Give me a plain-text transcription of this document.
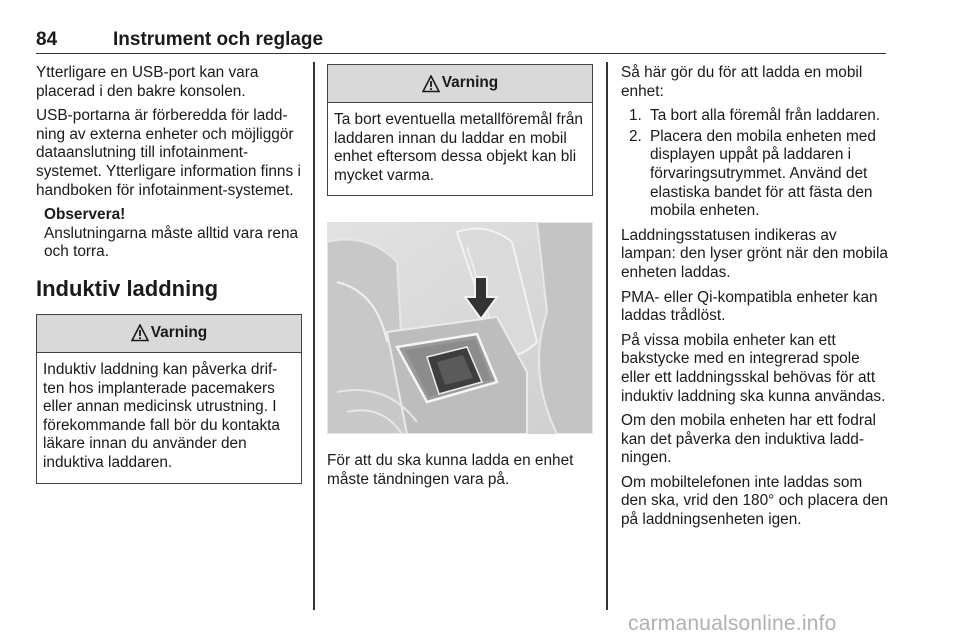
84	Instrument och reglage

Ytterligare en USB-port kan vara placerad i den bakre konsolen.

USB-portarna är förberedda för ladd-ning av externa enheter och möjliggör dataanslutning till infotainment-systemet. Ytterligare information finns i handboken för infotainment-systemet.

Observera!
Anslutningarna måste alltid vara rena och torra.
Induktiv laddning
Varning
Induktiv laddning kan påverka drif-ten hos implanterade pacemakers eller annan medicinsk utrustning. I förekommande fall bör du kontakta läkare innan du använder den induktiva laddaren.
Varning
Ta bort eventuella metallföremål från laddaren innan du laddar en mobil enhet eftersom dessa objekt kan bli mycket varma.

För att du ska kunna ladda en enhet måste tändningen vara på.

Så här gör du för att ladda en mobil enhet:

1. Ta bort alla föremål från laddaren.
2. Placera den mobila enheten med displayen uppåt på laddaren i förvaringsutrymmet. Använd det elastiska bandet för att fästa den mobila enheten.

Laddningsstatusen indikeras av lampan: den lyser grönt när den mobila enheten laddas.

PMA- eller Qi-kompatibla enheter kan laddas trådlöst.

På vissa mobila enheter kan ett bakstycke med en integrerad spole eller ett laddningsskal behövas för att induktiv laddning ska kunna användas.

Om den mobila enheten har ett fodral kan det påverka den induktiva ladd-ningen.

Om mobiltelefonen inte laddas som den ska, vrid den 180° och placera den på laddningsenheten igen.

carmanualsonline.info
